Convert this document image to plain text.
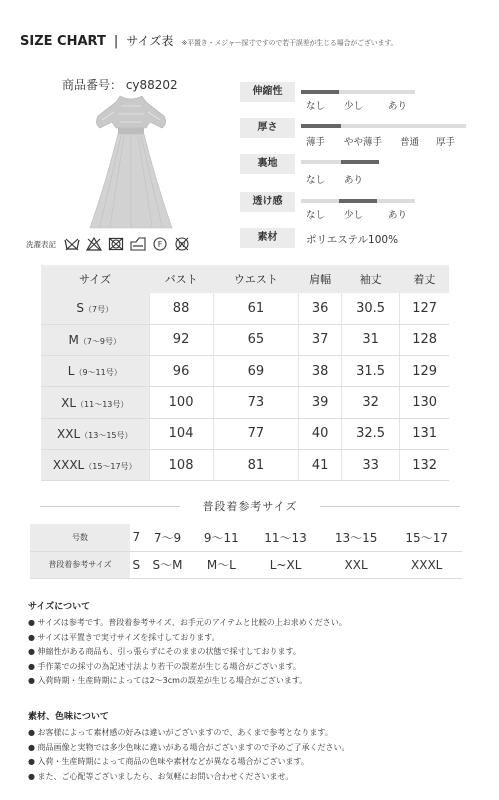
SIZE CHART | サイズ表 ※平置き・メジャー採寸ですので若干誤差が生じる場合がございます。
商品番号： cy88202
洗濯表記	F W
伸縮性
なし 少し	あり
厚さ
薄手 やや薄手 普通 厚手
裏地
なし あり
透け感
なし 少し	あり
素材	ポリエステル100%
サイズ	バスト	ウエスト	肩幅	袖丈	着丈
S（7号）	88	61	36	30.5	127
M（7〜9号）	92	65	37	31	128
L（9〜11号）	96	69	38	31.5	129
XL（11〜13号）	100	73	39	32	130
XXL（13〜15号）	104	77	40	32.5	131
XXXL（15〜17号）	108	81	41	33	132
普段着参考サイズ
号数	7	7〜9	9〜11	11〜13	13〜15	15〜17
普段着参考サイズ	S	S〜M	M〜L	L~XL	XXL	XXXL
サイズについて
● サイズは参考です。普段着参考サイズ、お手元のアイテムと比較の上お求めください。
● サイズは平置きで実寸サイズを採寸しております。
● 伸縮性がある商品も、引っ張らずにそのままの状態で採寸しております。
● 手作業での採寸の為記述寸法より若干の誤差が生じる場合がございます。
● 入荷時期・生産時期によっては2〜3cmの誤差が生じる場合がございます。
素材、色味について
● お客様によって素材感の好みは違いがございますので、あくまで参考となります。
● 商品画像と実物では多少色味に違いがある場合がございますので予めご了承ください。
● 入荷・生産時期によって商品の色味や素材などが異なる場合がございます。
● また、ご心配等ございましたら、お気軽にお問い合わせくださいませ。
